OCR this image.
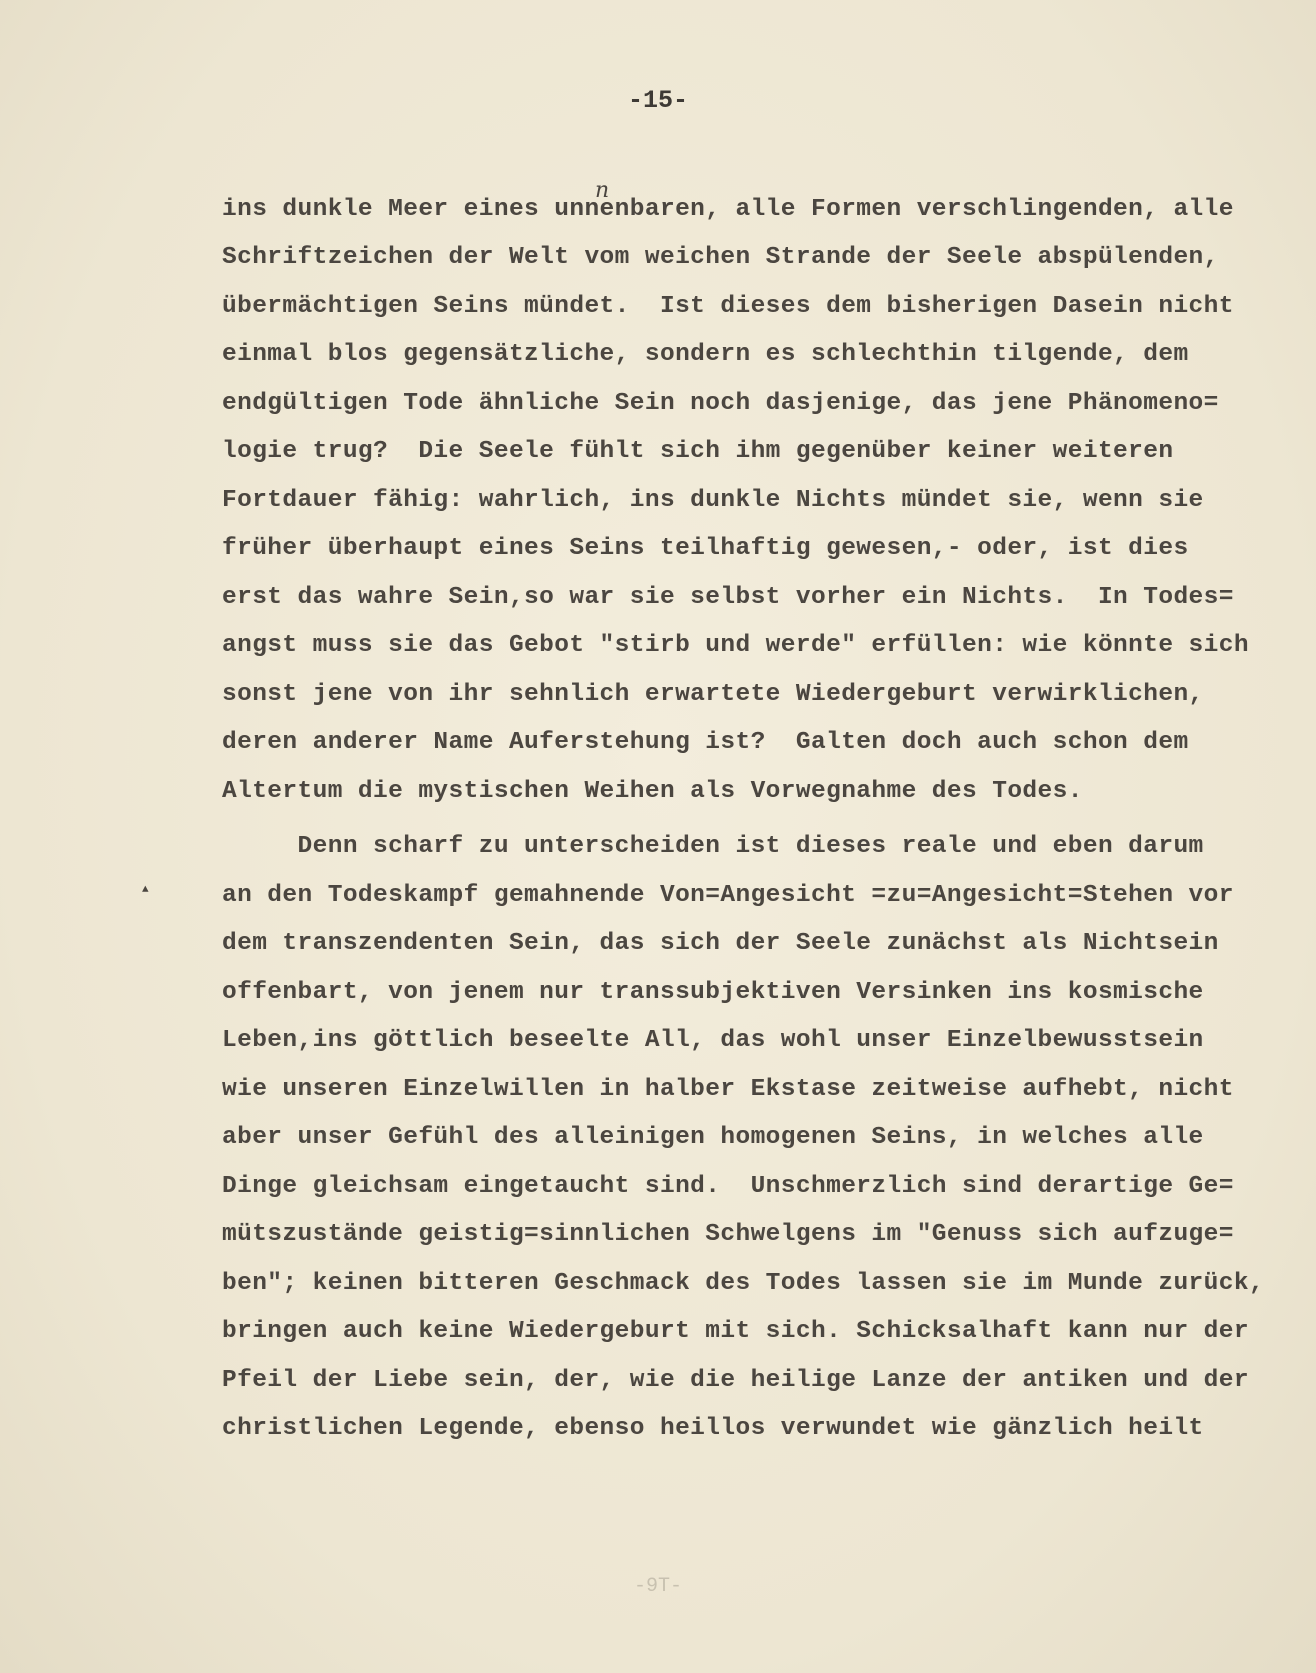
-15-
n
ins dunkle Meer eines unnenbaren, alle Formen verschlingenden, alle
Schriftzeichen der Welt vom weichen Strande der Seele abspülenden,
übermächtigen Seins mündet.  Ist dieses dem bisherigen Dasein nicht
einmal blos gegensätzliche, sondern es schlechthin tilgende, dem
endgültigen Tode ähnliche Sein noch dasjenige, das jene Phänomeno=
logie trug?  Die Seele fühlt sich ihm gegenüber keiner weiteren
Fortdauer fähig: wahrlich, ins dunkle Nichts mündet sie, wenn sie
früher überhaupt eines Seins teilhaftig gewesen,- oder, ist dies
erst das wahre Sein,so war sie selbst vorher ein Nichts.  In Todes=
angst muss sie das Gebot "stirb und werde" erfüllen: wie könnte sich
sonst jene von ihr sehnlich erwartete Wiedergeburt verwirklichen,
deren anderer Name Auferstehung ist?  Galten doch auch schon dem
Altertum die mystischen Weihen als Vorwegnahme des Todes.
Denn scharf zu unterscheiden ist dieses reale und eben darum
an den Todeskampf gemahnende Von=Angesicht =zu=Angesicht=Stehen vor
dem transzendenten Sein, das sich der Seele zunächst als Nichtsein
offenbart, von jenem nur transsubjektiven Versinken ins kosmische
Leben,ins göttlich beseelte All, das wohl unser Einzelbewusstsein
wie unseren Einzelwillen in halber Ekstase zeitweise aufhebt, nicht
aber unser Gefühl des alleinigen homogenen Seins, in welches alle
Dinge gleichsam eingetaucht sind.  Unschmerzlich sind derartige Ge=
mütszustände geistig=sinnlichen Schwelgens im "Genuss sich aufzuge=
ben"; keinen bitteren Geschmack des Todes lassen sie im Munde zurück,
bringen auch keine Wiedergeburt mit sich. Schicksalhaft kann nur der
Pfeil der Liebe sein, der, wie die heilige Lanze der antiken und der
christlichen Legende, ebenso heillos verwundet wie gänzlich heilt
▲
-9T-
